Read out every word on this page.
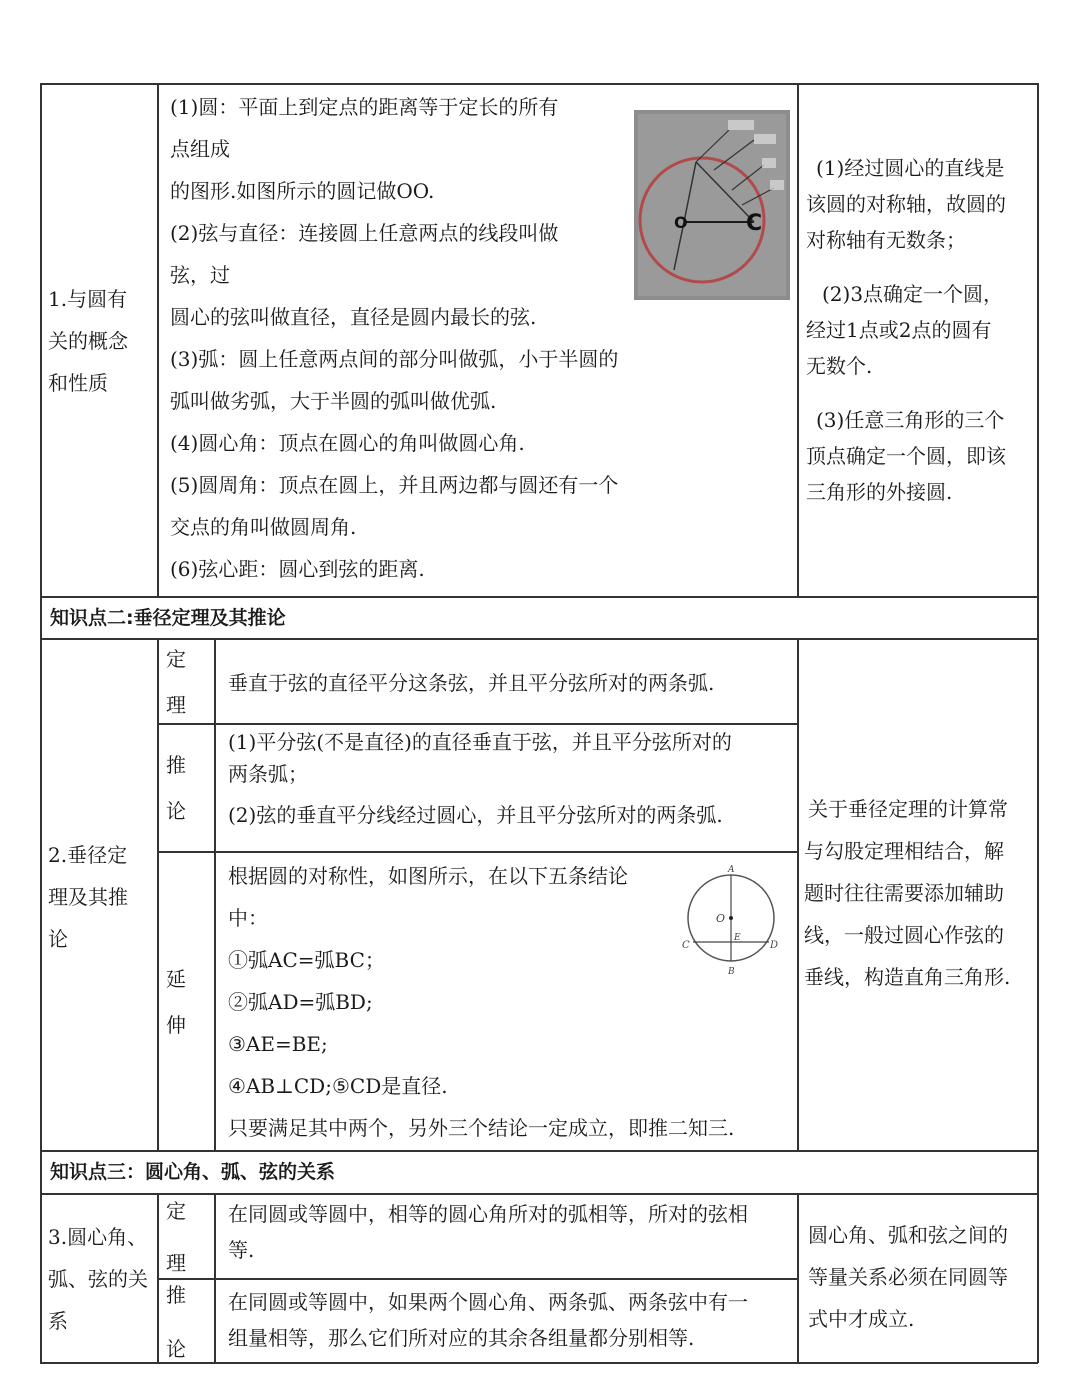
1.与圆有
关的概念
和性质
(1)圆：平面上到定点的距离等于定长的所有
点组成
的图形.如图所示的圆记做OO.
(2)弦与直径：连接圆上任意两点的线段叫做
弦，过
圆心的弦叫做直径，直径是圆内最长的弦.
(3)弧：圆上任意两点间的部分叫做弧，小于半圆的
弧叫做劣弧，大于半圆的弧叫做优弧.
(4)圆心角：顶点在圆心的角叫做圆心角.
(5)圆周角：顶点在圆上，并且两边都与圆还有一个
交点的角叫做圆周角.
(6)弦心距：圆心到弦的距离.
O	C
(1)经过圆心的直线是
该圆的对称轴，故圆的
对称轴有无数条；
(2)3点确定一个圆，
经过1点或2点的圆有
无数个.
(3)任意三角形的三个
顶点确定一个圆，即该
三角形的外接圆.
知识点二:垂径定理及其推论
2.垂径定
理及其推
论
定
理
垂直于弦的直径平分这条弦，并且平分弦所对的两条弧.
推
论
(1)平分弦(不是直径)的直径垂直于弦，并且平分弦所对的
两条弧；
(2)弦的垂直平分线经过圆心，并且平分弦所对的两条弧.
延
伸
根据圆的对称性，如图所示，在以下五条结论
中：
①弧AC=弧BC；
②弧AD=弧BD;
③AE=BE;
④AB⊥CD;⑤CD是直径.
只要满足其中两个，另外三个结论一定成立，即推二知三.
A
O
C
E
D
B
关于垂径定理的计算常
与勾股定理相结合，解
题时往往需要添加辅助
线，一般过圆心作弦的
垂线，构造直角三角形.
知识点三：圆心角、弧、弦的关系
3.圆心角、
弧、弦的关
系
定
理
在同圆或等圆中，相等的圆心角所对的弧相等，所对的弦相
等.
推
论
在同圆或等圆中，如果两个圆心角、两条弧、两条弦中有一
组量相等，那么它们所对应的其余各组量都分别相等.
圆心角、弧和弦之间的
等量关系必须在同圆等
式中才成立.
